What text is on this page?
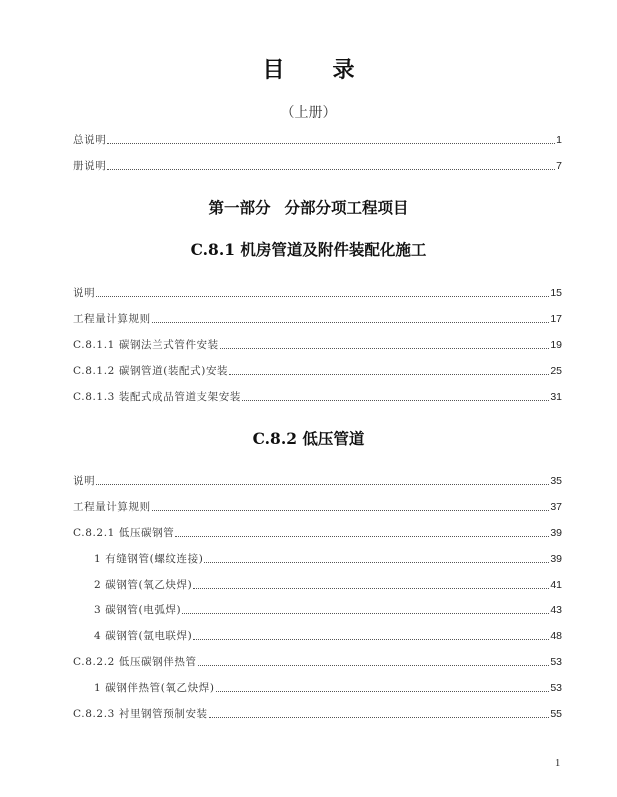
目 录
（上册）
总说明	1
册说明	7
第一部分 分部分项工程项目
C.8.1 机房管道及附件装配化施工
说明	15
工程量计算规则	17
C.8.1.1 碳钢法兰式管件安装	19
C.8.1.2 碳钢管道(装配式)安装	25
C.8.1.3 装配式成品管道支架安装	31
C.8.2 低压管道
说明	35
工程量计算规则	37
C.8.2.1 低压碳钢管	39
1 有缝钢管(螺纹连接)	39
2 碳钢管(氧乙炔焊)	41
3 碳钢管(电弧焊)	43
4 碳钢管(氩电联焊)	48
C.8.2.2 低压碳钢伴热管	53
1 碳钢伴热管(氧乙炔焊)	53
C.8.2.3 衬里钢管预制安装	55
1
